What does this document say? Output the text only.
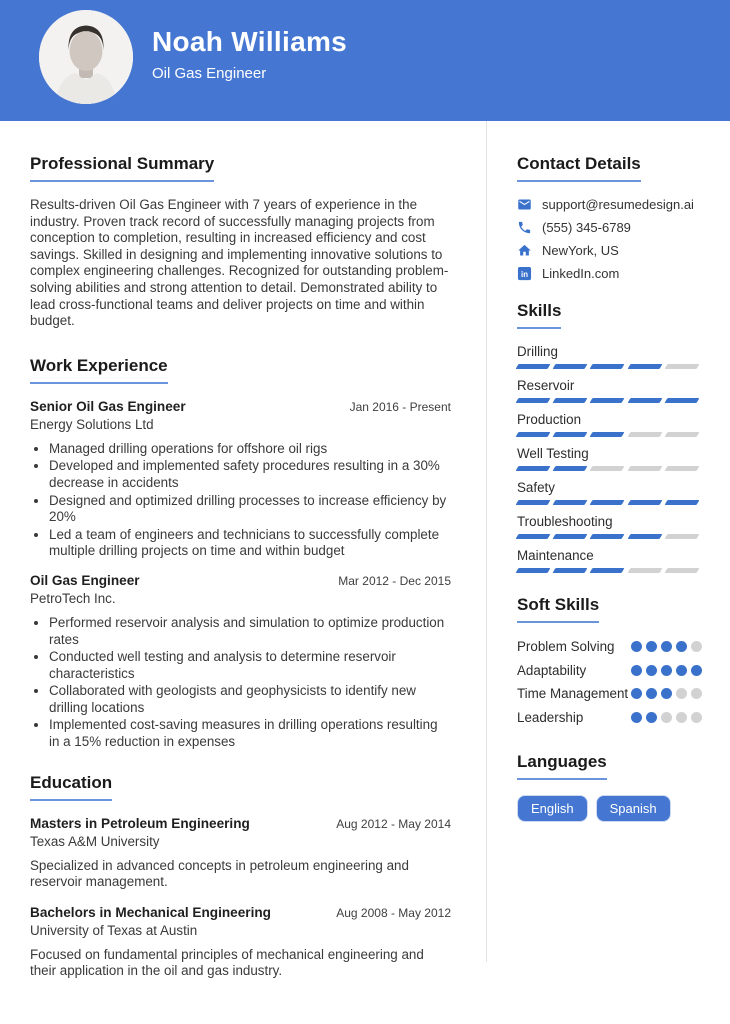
Noah Williams
Oil Gas Engineer
Professional Summary

Results-driven Oil Gas Engineer with 7 years of experience in the industry. Proven track record of successfully managing projects from conception to completion, resulting in increased efficiency and cost savings. Skilled in designing and implementing innovative solutions to complex engineering challenges. Recognized for outstanding problem-solving abilities and strong attention to detail. Demonstrated ability to lead cross-functional teams and deliver projects on time and within budget.

Work Experience
Senior Oil Gas Engineer	Jan 2016 - Present
Energy Solutions Ltd
• Managed drilling operations for offshore oil rigs
• Developed and implemented safety procedures resulting in a 30% decrease in accidents
• Designed and optimized drilling processes to increase efficiency by 20%
• Led a team of engineers and technicians to successfully complete multiple drilling projects on time and within budget
Oil Gas Engineer	Mar 2012 - Dec 2015
PetroTech Inc.
• Performed reservoir analysis and simulation to optimize production rates
• Conducted well testing and analysis to determine reservoir characteristics
• Collaborated with geologists and geophysicists to identify new drilling locations
• Implemented cost-saving measures in drilling operations resulting in a 15% reduction in expenses
Education
Masters in Petroleum Engineering	Aug 2012 - May 2014
Texas A&M University
Specialized in advanced concepts in petroleum engineering and reservoir management.
Bachelors in Mechanical Engineering	Aug 2008 - May 2012
University of Texas at Austin
Focused on fundamental principles of mechanical engineering and their application in the oil and gas industry.
Contact Details
support@resumedesign.ai
(555) 345-6789
NewYork, US
in LinkedIn.com
Skills
Drilling
Reservoir
Production
Well Testing
Safety
Troubleshooting
Maintenance
Soft Skills
Problem Solving
Adaptability
Time Management
Leadership
Languages
English	Spanish
